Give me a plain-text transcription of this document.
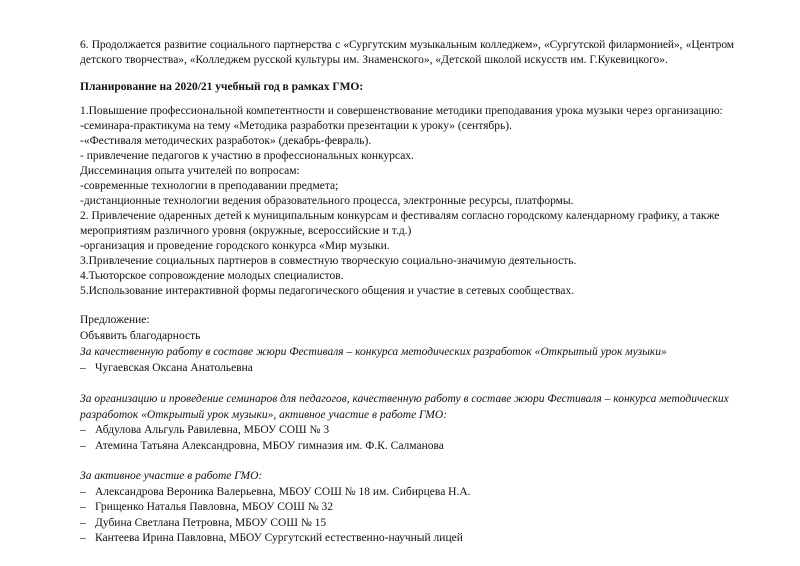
6. Продолжается развитие социального партнерства с «Сургутским музыкальным колледжем», «Сургутской филармонией», «Центром
детского творчества», «Колледжем русской культуры им. Знаменского», «Детской школой искусств им. Г.Кукевицкого».
Планирование на 2020/21 учебный год в рамках ГМО:
1.Повышение профессиональной компетентности и совершенствование методики преподавания урока музыки через организацию:
-семинара-практикума на тему «Методика разработки презентации к уроку» (сентябрь).
-«Фестиваля методических разработок» (декабрь-февраль).
- привлечение педагогов к участию в профессиональных конкурсах.
Диссеминация опыта учителей по вопросам:
-современные технологии в преподавании предмета;
-дистанционные технологии ведения образовательного процесса, электронные ресурсы, платформы.
2. Привлечение одаренных детей к муниципальным конкурсам и фестивалям согласно городскому календарному графику, а также
мероприятиям различного уровня (окружные, всероссийские и т.д.)
-организация и проведение городского конкурса «Мир музыки.
3.Привлечение социальных партнеров в совместную творческую социально-значимую деятельность.
4.Тьюторское сопровождение молодых специалистов.
5.Использование интерактивной формы педагогического общения и участие в сетевых сообществах.
Предложение:
Объявить благодарность
За качественную работу в составе жюри Фестиваля – конкурса методических разработок «Открытый урок музыки»
– Чугаевская Оксана Анатольевна
За организацию и проведение семинаров для педагогов, качественную работу в составе жюри Фестиваля – конкурса методических
разработок «Открытый урок музыки», активное участие в работе ГМО:
– Абдулова Альгуль Равилевна, МБОУ СОШ № 3
– Атемина Татьяна Александровна, МБОУ гимназия им. Ф.К. Салманова
За активное участие в работе ГМО:
– Александрова Вероника Валерьевна, МБОУ СОШ № 18 им. Сибирцева Н.А.
– Грищенко Наталья Павловна, МБОУ СОШ № 32
– Дубина Светлана Петровна, МБОУ СОШ № 15
– Кантеева Ирина Павловна, МБОУ Сургутский естественно-научный лицей
